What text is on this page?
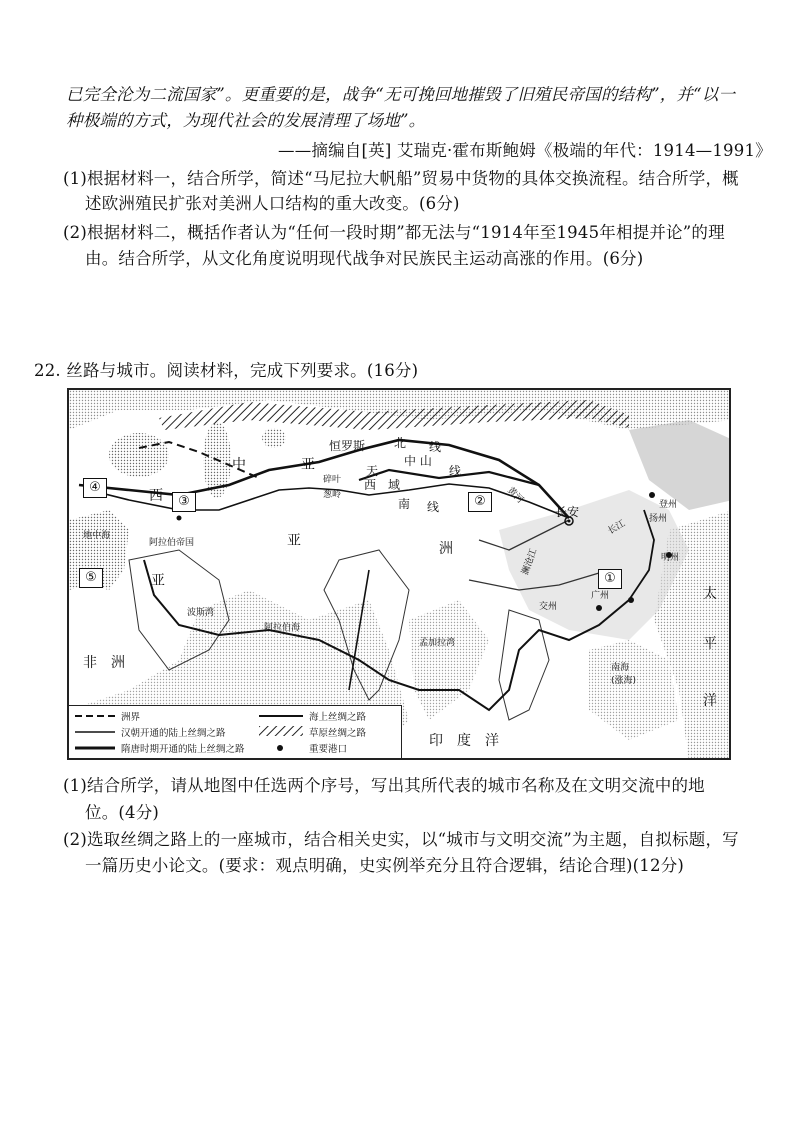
已完全沦为二流国家”。更重要的是，战争“无可挽回地摧毁了旧殖民帝国的结构”，并“以一
种极端的方式，为现代社会的发展清理了场地”。
——摘编自[英] 艾瑞克·霍布斯鲍姆《极端的年代：1914—1991》
(1)根据材料一，结合所学，简述“马尼拉大帆船”贸易中货物的具体交换流程。结合所学，概
述欧洲殖民扩张对美洲人口结构的重大改变。(6分)
(2)根据材料二，概括作者认为“任何一段时期”都无法与“1914年至1945年相提并论”的理
由。结合所学，从文化角度说明现代战争对民族民主运动高涨的作用。(6分)
22. 丝路与城市。阅读材料，完成下列要求。(16分)
④
③	②
⑤	①
中	亚
西
亚
亚
洲
非　洲
太
平
洋
恒罗斯 北 线
天
中 山
线
碎叶
葱岭
西　域
南 线	长安	扬州
登州
明州
广州
交州
南海
(涨海)
阿拉伯帝国
波斯湾
阿拉伯海
孟加拉湾
印　度　洋
地中海
黄河
长江
澜沧江
洲界
汉朝开通的陆上丝绸之路
隋唐时期开通的陆上丝绸之路
海上丝绸之路
草原丝绸之路
重要港口
(1)结合所学，请从地图中任选两个序号，写出其所代表的城市名称及在文明交流中的地
位。(4分)
(2)选取丝绸之路上的一座城市，结合相关史实，以“城市与文明交流”为主题，自拟标题，写
一篇历史小论文。(要求：观点明确，史实例举充分且符合逻辑，结论合理)(12分)
